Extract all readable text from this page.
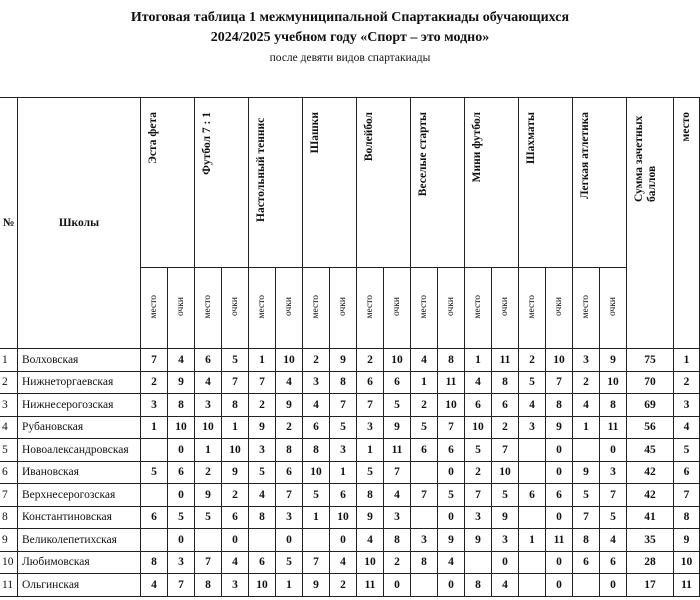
Итоговая таблица 1 межмуниципальной Спартакиады обучающихся
2024/2025 учебном году «Спорт – это модно»
после девяти видов спартакиады
№	Школы	Эста фета		Футбол 7 : 1		Настольный теннис		Шашки		Волейбол		Веселые старты		Мини футбол		Шахматы		Легкая атлетика		Сумма зачетных баллов	место
		место	очки	место	очки	место	очки	место	очки	место	очки	место	очки	место	очки	место	очки	место	очки		
1	Волховская	7	4	6	5	1	10	2	9	2	10	4	8	1	11	2	10	3	9	75	1
2	Нижнеторгаевская	2	9	4	7	7	4	3	8	6	6	1	11	4	8	5	7	2	10	70	2
3	Нижнесерогозская	3	8	3	8	2	9	4	7	7	5	2	10	6	6	4	8	4	8	69	3
4	Рубановская	1	10	10	1	9	2	6	5	3	9	5	7	10	2	3	9	1	11	56	4
5	Новоалександровская		0	1	10	3	8	8	3	1	11	6	6	5	7		0		0	45	5
6	Ивановская	5	6	2	9	5	6	10	1	5	7		0	2	10		0	9	3	42	6
7	Верхнесерогозская		0	9	2	4	7	5	6	8	4	7	5	7	5	6	6	5	7	42	7
8	Константиновская	6	5	5	6	8	3	1	10	9	3		0	3	9		0	7	5	41	8
9	Великолепетихская		0		0		0		0	4	8	3	9	9	3	1	11	8	4	35	9
10	Любимовская	8	3	7	4	6	5	7	4	10	2	8	4		0		0	6	6	28	10
11	Ольгинская	4	7	8	3	10	1	9	2	11	0		0	8	4		0		0	17	11
